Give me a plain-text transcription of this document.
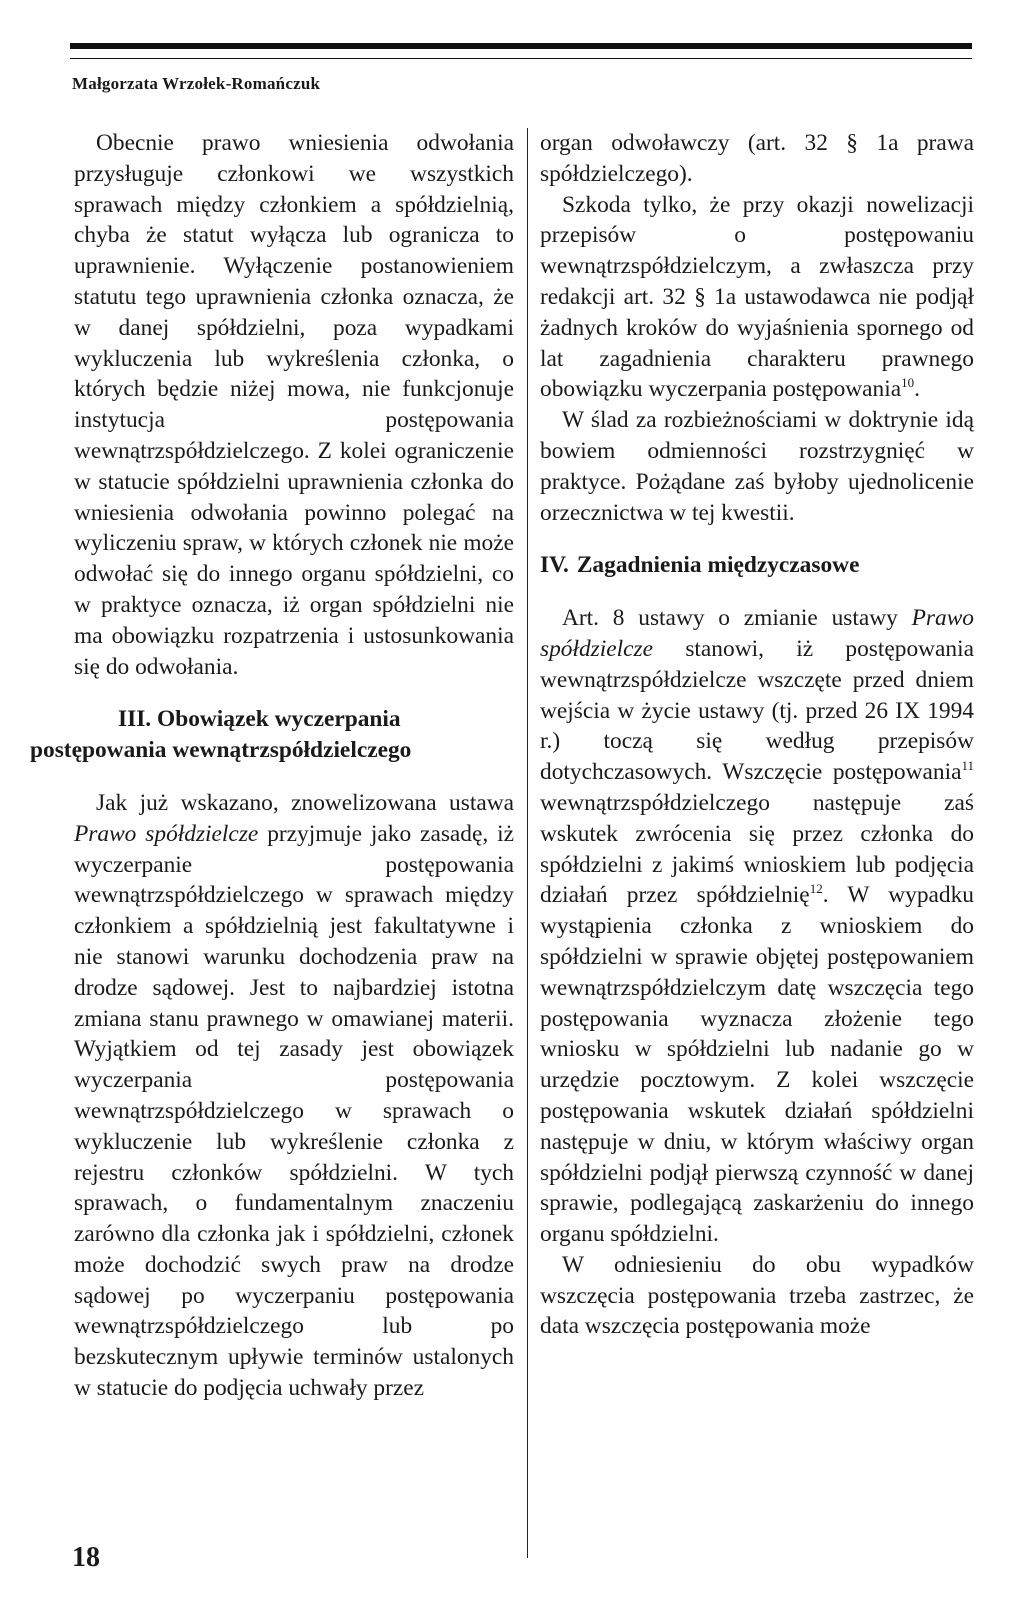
Małgorzata Wrzołek-Romańczuk

Obecnie prawo wniesienia odwołania przysługuje członkowi we wszystkich sprawach między członkiem a spółdzielnią, chyba że statut wyłącza lub ogranicza to uprawnienie. Wyłączenie postanowieniem statutu tego uprawnienia członka oznacza, że w danej spółdzielni, poza wypadkami wykluczenia lub wykreślenia członka, o których będzie niżej mowa, nie funkcjonuje instytucja postępowania wewnątrzspółdzielczego. Z kolei ograniczenie w statucie spółdzielni uprawnienia członka do wniesienia odwołania powinno polegać na wyliczeniu spraw, w których członek nie może odwołać się do innego organu spółdzielni, co w praktyce oznacza, iż organ spółdzielni nie ma obowiązku rozpatrzenia i ustosunkowania się do odwołania.

III. Obowiązek wyczerpania
postępowania wewnątrzspółdzielczego

Jak już wskazano, znowelizowana ustawa Prawo spółdzielcze przyjmuje jako zasadę, iż wyczerpanie postępowania wewnątrzspółdzielczego w sprawach między członkiem a spółdzielnią jest fakultatywne i nie stanowi warunku dochodzenia praw na drodze sądowej. Jest to najbardziej istotna zmiana stanu prawnego w omawianej materii. Wyjątkiem od tej zasady jest obowiązek wyczerpania postępowania wewnątrzspółdzielczego w sprawach o wykluczenie lub wykreślenie członka z rejestru członków spółdzielni. W tych sprawach, o fundamentalnym znaczeniu zarówno dla członka jak i spółdzielni, członek może dochodzić swych praw na drodze sądowej po wyczerpaniu postępowania wewnątrzspółdzielczego lub po bezskutecznym upływie terminów ustalonych w statucie do podjęcia uchwały przez

organ odwoławczy (art. 32 § 1a prawa spółdzielczego).

Szkoda tylko, że przy okazji nowelizacji przepisów o postępowaniu wewnątrzspółdzielczym, a zwłaszcza przy redakcji art. 32 § 1a ustawodawca nie podjął żadnych kroków do wyjaśnienia spornego od lat zagadnienia charakteru prawnego obowiązku wyczerpania postępowania$^{10}$.

W ślad za rozbieżnościami w doktrynie idą bowiem odmienności rozstrzygnięć w praktyce. Pożądane zaś byłoby ujednolicenie orzecznictwa w tej kwestii.

IV. Zagadnienia międzyczasowe

Art. 8 ustawy o zmianie ustawy Prawo spółdzielcze stanowi, iż postępowania wewnątrzspółdzielcze wszczęte przed dniem wejścia w życie ustawy (tj. przed 26 IX 1994 r.) toczą się według przepisów dotychczasowych. Wszczęcie postępowania$^{11}$ wewnątrzspółdzielczego następuje zaś wskutek zwrócenia się przez członka do spółdzielni z jakimś wnioskiem lub podjęcia działań przez spółdzielnię$^{12}$. W wypadku wystąpienia członka z wnioskiem do spółdzielni w sprawie objętej postępowaniem wewnątrzspółdzielczym datę wszczęcia tego postępowania wyznacza złożenie tego wniosku w spółdzielni lub nadanie go w urzędzie pocztowym. Z kolei wszczęcie postępowania wskutek działań spółdzielni następuje w dniu, w którym właściwy organ spółdzielni podjął pierwszą czynność w danej sprawie, podlegającą zaskarżeniu do innego organu spółdzielni.

W odniesieniu do obu wypadków wszczęcia postępowania trzeba zastrzec, że data wszczęcia postępowania może

18
